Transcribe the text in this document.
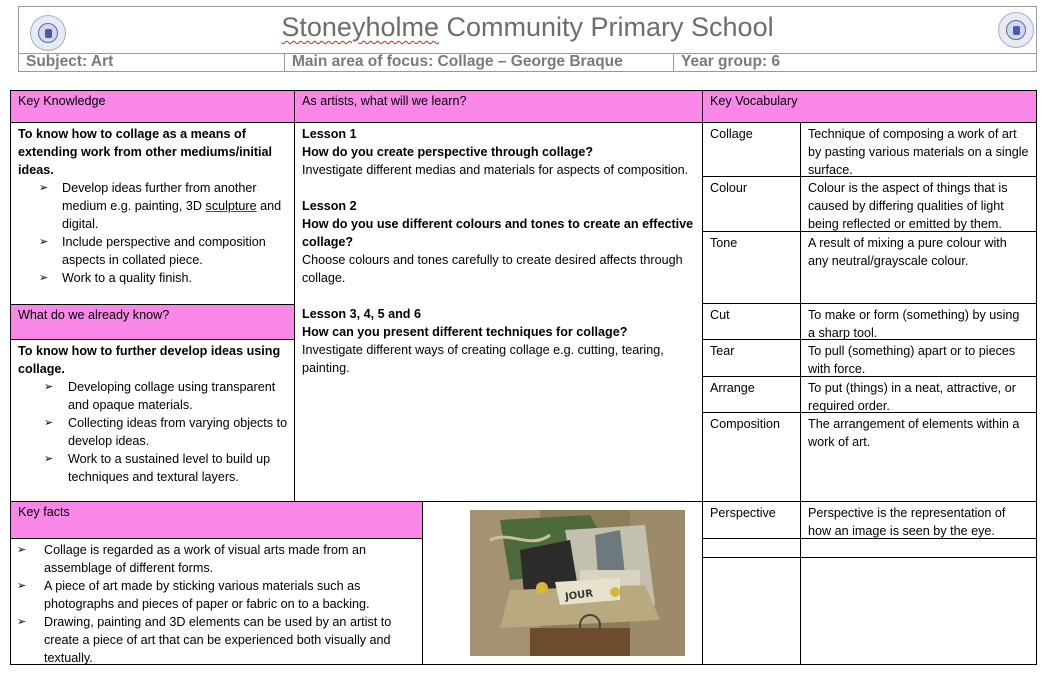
Stoneyholme Community Primary School
Subject: Art	Main area of focus: Collage – George Braque	Year group: 6
Key Knowledge	As artists, what will we learn?	Key Vocabulary

To know how to collage as a means of extending work from other mediums/initial ideas.

➢ Develop ideas further from another medium e.g. painting, 3D sculpture and digital.
➢ Include perspective and composition aspects in collated piece.
➢ Work to a quality finish.
What do we already know?

To know how to further develop ideas using collage.

➢ Developing collage using transparent and opaque materials.
➢ Collecting ideas from varying objects to develop ideas.
➢ Work to a sustained level to build up techniques and textural layers.

Lesson 1

How do you create perspective through collage?

Investigate different medias and materials for aspects of composition.

Lesson 2

How do you use different colours and tones to create an effective collage?

Choose colours and tones carefully to create desired affects through collage.

Lesson 3, 4, 5 and 6

How can you present different techniques for collage?

Investigate different ways of creating collage e.g. cutting, tearing, painting.

Collage	Technique of composing a work of art by pasting various materials on a single surface.
Colour	Colour is the aspect of things that is caused by differing qualities of light being reflected or emitted by them.
Tone	A result of mixing a pure colour with any neutral/grayscale colour.
Cut	To make or form (something) by using a sharp tool.
Tear	To pull (something) apart or to pieces with force.
Arrange	To put (things) in a neat, attractive, or required order.
Composition	The arrangement of elements within a work of art.
Perspective	Perspective is the representation of how an image is seen by the eye.
Key facts
➢ Collage is regarded as a work of visual arts made from an assemblage of different forms.
➢ A piece of art made by sticking various materials such as photographs and pieces of paper or fabric on to a backing.
➢ Drawing, painting and 3D elements can be used by an artist to create a piece of art that can be experienced both visually and textually.
JOUR
